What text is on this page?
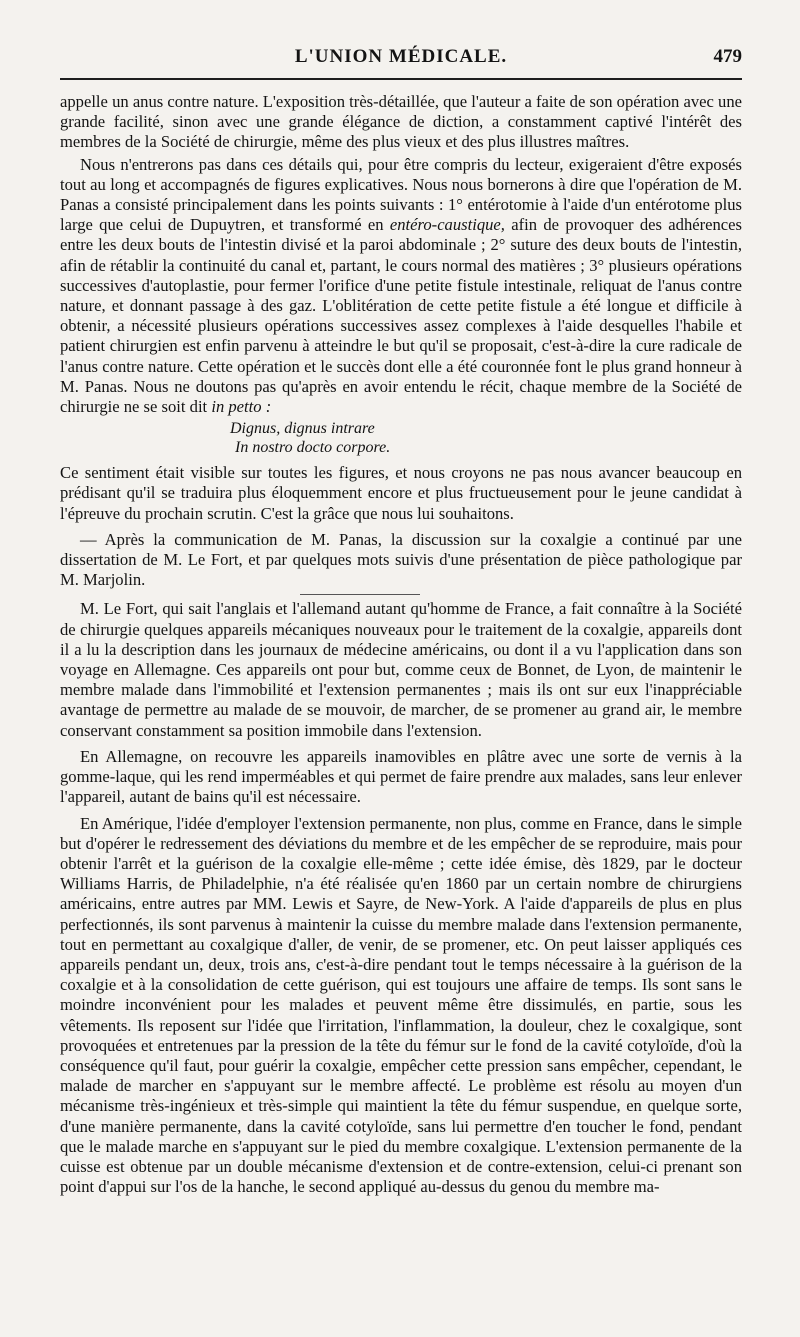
L'UNION MÉDICALE.	479

appelle un anus contre nature. L'exposition très-détaillée, que l'auteur a faite de son opération avec une grande facilité, sinon avec une grande élégance de diction, a constamment captivé l'intérêt des membres de la Société de chirurgie, même des plus vieux et des plus illustres maîtres.

Nous n'entrerons pas dans ces détails qui, pour être compris du lecteur, exigeraient d'être exposés tout au long et accompagnés de figures explicatives. Nous nous bornerons à dire que l'opération de M. Panas a consisté principalement dans les points suivants : 1° entérotomie à l'aide d'un entérotome plus large que celui de Dupuytren, et transformé en entéro-caustique, afin de provoquer des adhérences entre les deux bouts de l'intestin divisé et la paroi abdominale ; 2° suture des deux bouts de l'intestin, afin de rétablir la continuité du canal et, partant, le cours normal des matières ; 3° plusieurs opérations successives d'autoplastie, pour fermer l'orifice d'une petite fistule intestinale, reliquat de l'anus contre nature, et donnant passage à des gaz. L'oblitération de cette petite fistule a été longue et difficile à obtenir, a nécessité plusieurs opérations successives assez complexes à l'aide desquelles l'habile et patient chirurgien est enfin parvenu à atteindre le but qu'il se proposait, c'est-à-dire la cure radicale de l'anus contre nature. Cette opération et le succès dont elle a été couronnée font le plus grand honneur à M. Panas. Nous ne doutons pas qu'après en avoir entendu le récit, chaque membre de la Société de chirurgie ne se soit dit in petto :

Dignus, dignus intrare
In nostro docto corpore.

Ce sentiment était visible sur toutes les figures, et nous croyons ne pas nous avancer beaucoup en prédisant qu'il se traduira plus éloquemment encore et plus fructueusement pour le jeune candidat à l'épreuve du prochain scrutin. C'est la grâce que nous lui souhaitons.

— Après la communication de M. Panas, la discussion sur la coxalgie a continué par une dissertation de M. Le Fort, et par quelques mots suivis d'une présentation de pièce pathologique par M. Marjolin.

M. Le Fort, qui sait l'anglais et l'allemand autant qu'homme de France, a fait connaître à la Société de chirurgie quelques appareils mécaniques nouveaux pour le traitement de la coxalgie, appareils dont il a lu la description dans les journaux de médecine américains, ou dont il a vu l'application dans son voyage en Allemagne. Ces appareils ont pour but, comme ceux de Bonnet, de Lyon, de maintenir le membre malade dans l'immobilité et l'extension permanentes ; mais ils ont sur eux l'inappréciable avantage de permettre au malade de se mouvoir, de marcher, de se promener au grand air, le membre conservant constamment sa position immobile dans l'extension.

En Allemagne, on recouvre les appareils inamovibles en plâtre avec une sorte de vernis à la gomme-laque, qui les rend imperméables et qui permet de faire prendre aux malades, sans leur enlever l'appareil, autant de bains qu'il est nécessaire.

En Amérique, l'idée d'employer l'extension permanente, non plus, comme en France, dans le simple but d'opérer le redressement des déviations du membre et de les empêcher de se reproduire, mais pour obtenir l'arrêt et la guérison de la coxalgie elle-même ; cette idée émise, dès 1829, par le docteur Williams Harris, de Philadelphie, n'a été réalisée qu'en 1860 par un certain nombre de chirurgiens américains, entre autres par MM. Lewis et Sayre, de New-York. A l'aide d'appareils de plus en plus perfectionnés, ils sont parvenus à maintenir la cuisse du membre malade dans l'extension permanente, tout en permettant au coxalgique d'aller, de venir, de se promener, etc. On peut laisser appliqués ces appareils pendant un, deux, trois ans, c'est-à-dire pendant tout le temps nécessaire à la guérison de la coxalgie et à la consolidation de cette guérison, qui est toujours une affaire de temps. Ils sont sans le moindre inconvénient pour les malades et peuvent même être dissimulés, en partie, sous les vêtements. Ils reposent sur l'idée que l'irritation, l'inflammation, la douleur, chez le coxalgique, sont provoquées et entretenues par la pression de la tête du fémur sur le fond de la cavité cotyloïde, d'où la conséquence qu'il faut, pour guérir la coxalgie, empêcher cette pression sans empêcher, cependant, le malade de marcher en s'appuyant sur le membre affecté. Le problème est résolu au moyen d'un mécanisme très-ingénieux et très-simple qui maintient la tête du fémur suspendue, en quelque sorte, d'une manière permanente, dans la cavité cotyloïde, sans lui permettre d'en toucher le fond, pendant que le malade marche en s'appuyant sur le pied du membre coxalgique. L'extension permanente de la cuisse est obtenue par un double mécanisme d'extension et de contre-extension, celui-ci prenant son point d'appui sur l'os de la hanche, le second appliqué au-dessus du genou du membre ma-
